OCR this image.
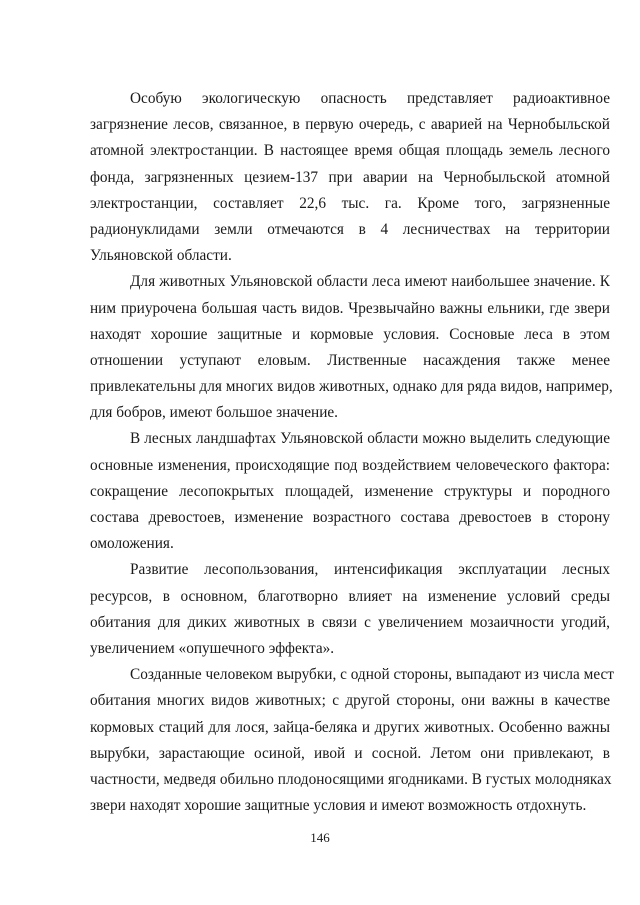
Особую экологическую опасность представляет радиоактивное
загрязнение лесов, связанное, в первую очередь, с аварией на Чернобыльской
атомной электростанции. В настоящее время общая площадь земель лесного
фонда, загрязненных цезием-137 при аварии на Чернобыльской атомной
электростанции, составляет 22,6 тыс. га. Кроме того, загрязненные
радионуклидами земли отмечаются в 4 лесничествах на территории
Ульяновской области.

Для животных Ульяновской области леса имеют наибольшее значение. К
ним приурочена большая часть видов. Чрезвычайно важны ельники, где звери
находят хорошие защитные и кормовые условия. Сосновые леса в этом
отношении уступают еловым. Лиственные насаждения также менее
привлекательны для многих видов животных, однако для ряда видов, например,
для бобров, имеют большое значение.

В лесных ландшафтах Ульяновской области можно выделить следующие
основные изменения, происходящие под воздействием человеческого фактора:
сокращение лесопокрытых площадей, изменение структуры и породного
состава древостоев, изменение возрастного состава древостоев в сторону
омоложения.

Развитие лесопользования, интенсификация эксплуатации лесных
ресурсов, в основном, благотворно влияет на изменение условий среды
обитания для диких животных в связи с увеличением мозаичности угодий,
увеличением «опушечного эффекта».

Созданные человеком вырубки, с одной стороны, выпадают из числа мест
обитания многих видов животных; с другой стороны, они важны в качестве
кормовых стаций для лося, зайца-беляка и других животных. Особенно важны
вырубки, зарастающие осиной, ивой и сосной. Летом они привлекают, в
частности, медведя обильно плодоносящими ягодниками. В густых молодняках
звери находят хорошие защитные условия и имеют возможность отдохнуть.

146
